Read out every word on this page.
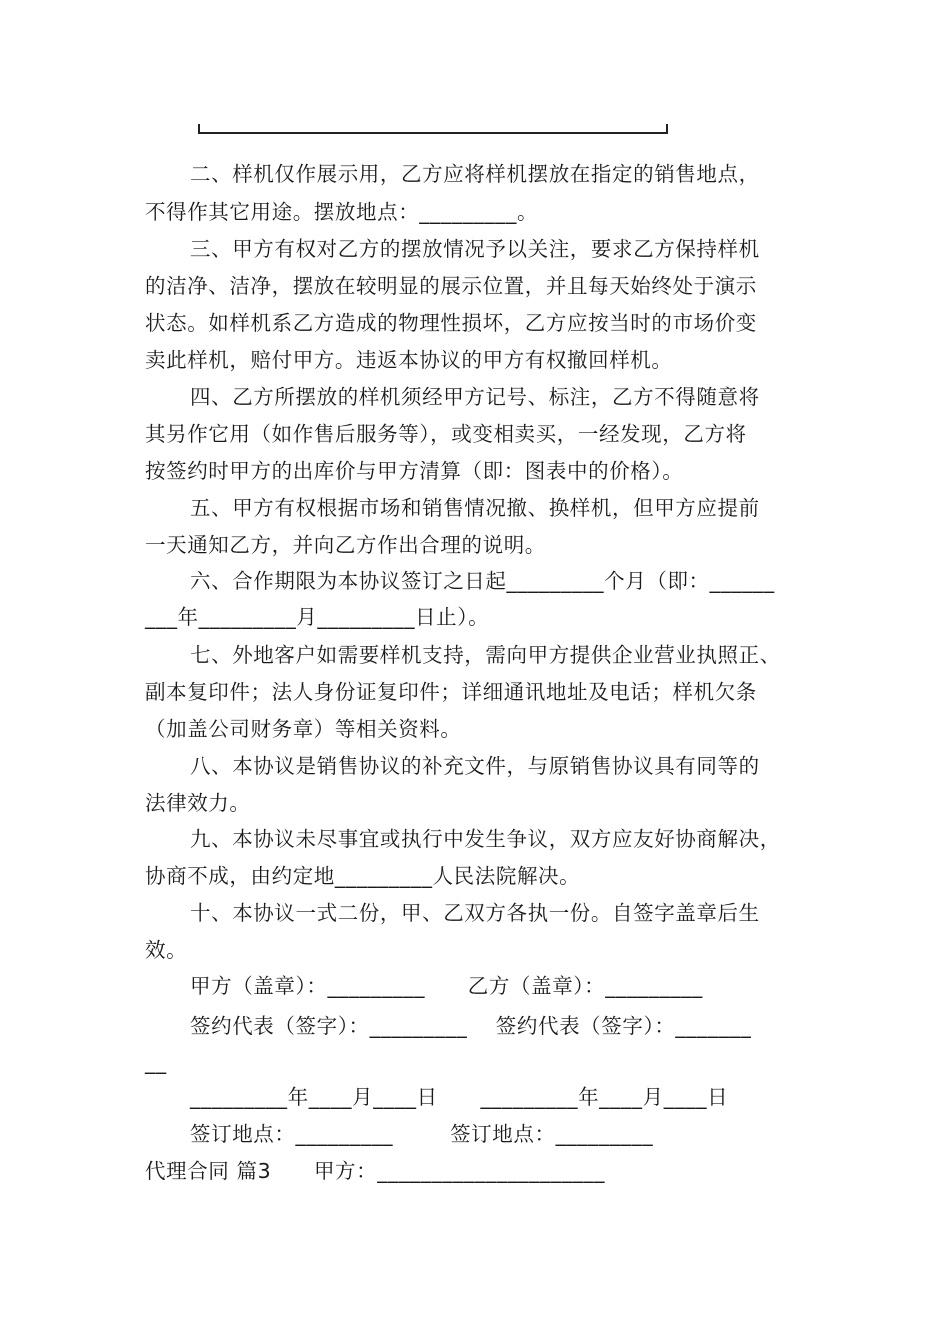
二、样机仅作展示用，乙方应将样机摆放在指定的销售地点，
不得作其它用途。摆放地点：_________。
三、甲方有权对乙方的摆放情况予以关注，要求乙方保持样机
的洁净、洁净，摆放在较明显的展示位置，并且每天始终处于演示
状态。如样机系乙方造成的物理性损坏，乙方应按当时的市场价变
卖此样机，赔付甲方。违返本协议的甲方有权撤回样机。
四、乙方所摆放的样机须经甲方记号、标注，乙方不得随意将
其另作它用（如作售后服务等），或变相卖买，一经发现，乙方将
按签约时甲方的出库价与甲方清算（即：图表中的价格）。
五、甲方有权根据市场和销售情况撤、换样机，但甲方应提前
一天通知乙方，并向乙方作出合理的说明。
六、合作期限为本协议签订之日起_________个月（即：______
___年_________月_________日止）。
七、外地客户如需要样机支持，需向甲方提供企业营业执照正、
副本复印件；法人身份证复印件；详细通讯地址及电话；样机欠条
（加盖公司财务章）等相关资料。
八、本协议是销售协议的补充文件，与原销售协议具有同等的
法律效力。
九、本协议未尽事宜或执行中发生争议，双方应友好协商解决，
协商不成，由约定地_________人民法院解决。
十、本协议一式二份，甲、乙双方各执一份。自签字盖章后生
效。
甲方（盖章）：_________      乙方（盖章）：_________
签约代表（签字）：_________    签约代表（签字）：_______
__
_________年____月____日      _________年____月____日
签订地点：_________        签订地点：_________
代理合同 篇3      甲方：_____________________
